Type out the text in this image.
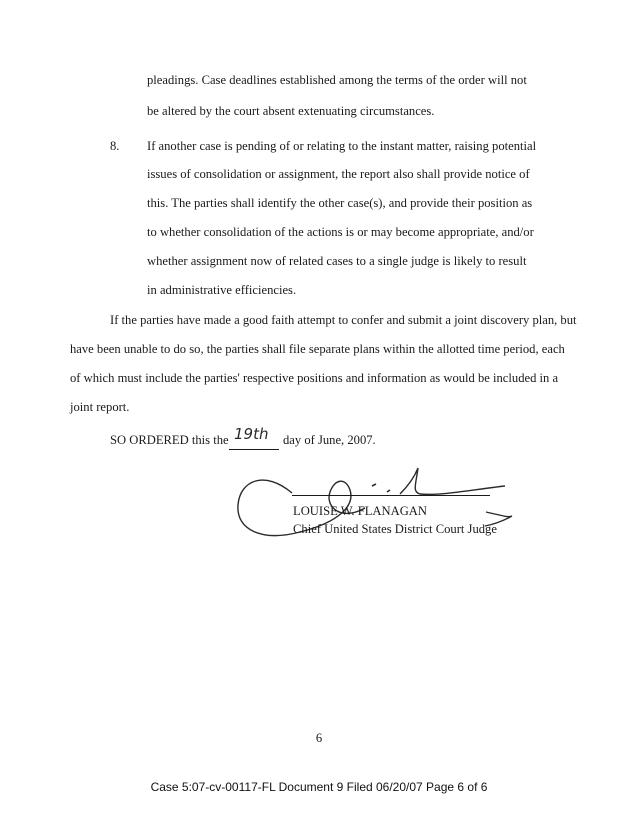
pleadings. Case deadlines established among the terms of the order will not
be altered by the court absent extenuating circumstances.
8. If another case is pending of or relating to the instant matter, raising potential
issues of consolidation or assignment, the report also shall provide notice of
this. The parties shall identify the other case(s), and provide their position as
to whether consolidation of the actions is or may become appropriate, and/or
whether assignment now of related cases to a single judge is likely to result
in administrative efficiencies.
If the parties have made a good faith attempt to confer and submit a joint discovery plan, but
have been unable to do so, the parties shall file separate plans within the allotted time period, each
of which must include the parties' respective positions and information as would be included in a
joint report.
SO ORDERED this the 19th day of June, 2007.
LOUISE W. FLANAGAN
Chief United States District Court Judge
6
Case 5:07-cv-00117-FL Document 9 Filed 06/20/07 Page 6 of 6
